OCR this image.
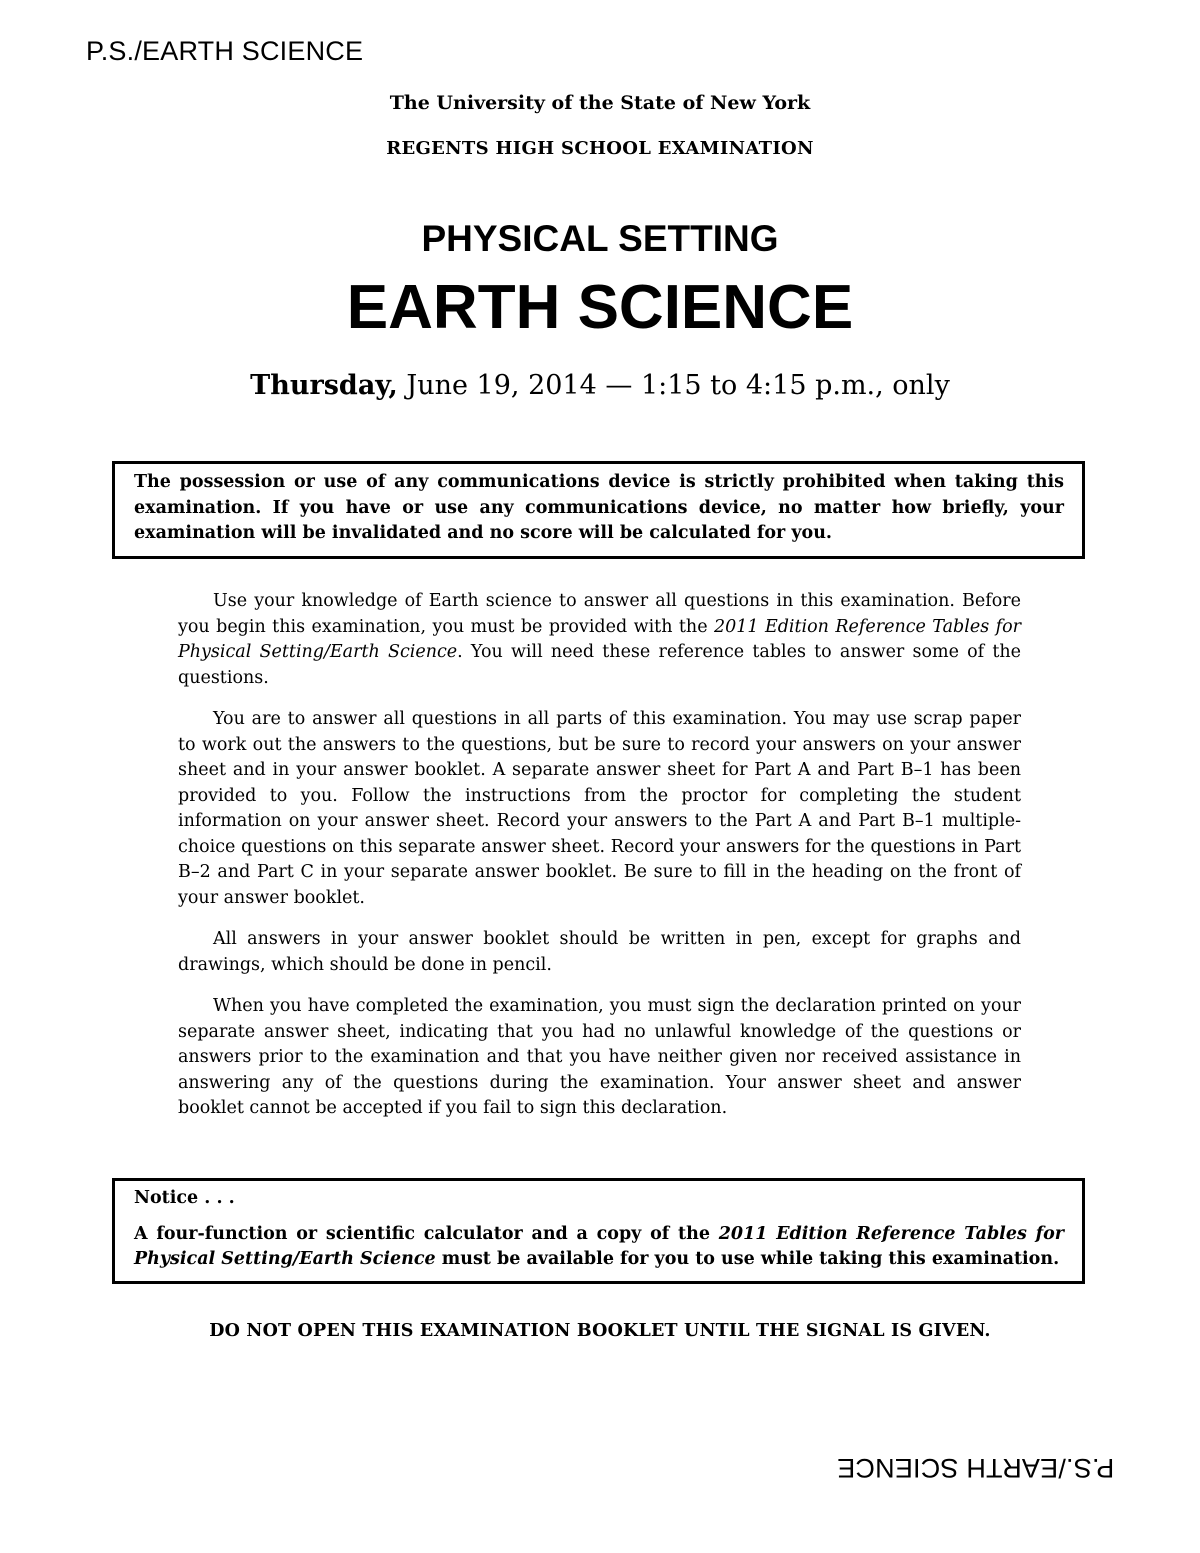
P.S./EARTH SCIENCE
The University of the State of New York
REGENTS HIGH SCHOOL EXAMINATION
PHYSICAL SETTING
EARTH SCIENCE
Thursday, June 19, 2014 — 1:15 to 4:15 p.m., only
The possession or use of any communications device is strictly prohibited when taking this examination. If you have or use any communications device, no matter how briefly, your examination will be invalidated and no score will be calculated for you.

Use your knowledge of Earth science to answer all questions in this examination. Before you begin this examination, you must be provided with the 2011 Edition Reference Tables for Physical Setting/Earth Science. You will need these reference tables to answer some of the questions.

You are to answer all questions in all parts of this examination. You may use scrap paper to work out the answers to the questions, but be sure to record your answers on your answer sheet and in your answer booklet. A separate answer sheet for Part A and Part B–1 has been provided to you. Follow the instructions from the proctor for completing the student information on your answer sheet. Record your answers to the Part A and Part B–1 multiple-choice questions on this separate answer sheet. Record your answers for the questions in Part B–2 and Part C in your separate answer booklet. Be sure to fill in the heading on the front of your answer booklet.

All answers in your answer booklet should be written in pen, except for graphs and drawings, which should be done in pencil.

When you have completed the examination, you must sign the declaration printed on your separate answer sheet, indicating that you had no unlawful knowledge of the questions or answers prior to the examination and that you have neither given nor received assistance in answering any of the questions during the examination. Your answer sheet and answer booklet cannot be accepted if you fail to sign this declaration.

Notice . . .
A four-function or scientific calculator and a copy of the 2011 Edition Reference Tables for Physical Setting/Earth Science must be available for you to use while taking this examination.
DO NOT OPEN THIS EXAMINATION BOOKLET UNTIL THE SIGNAL IS GIVEN.
P.S./EARTH SCIENCE
